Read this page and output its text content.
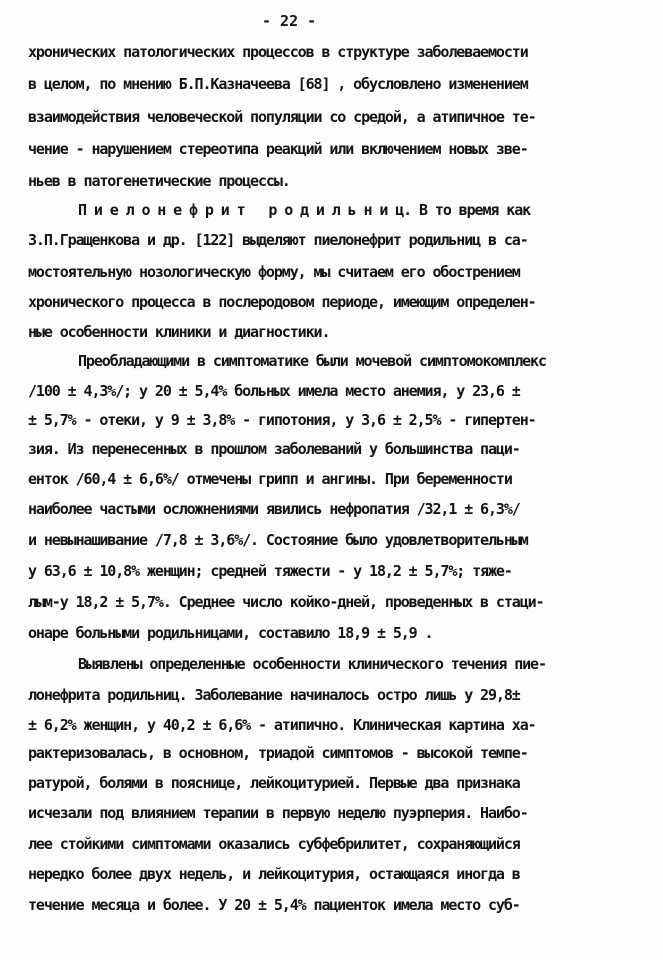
- 22 -
хронических патологических процессов в структуре заболеваемости
в целом, по мнению Б.П.Казначеева [68] , обусловлено изменением
взаимодействия человеческой популяции со средой, а атипичное те-
чение - нарушением стереотипа реакций или включением новых зве-
ньев в патогенетические процессы.
П и е л о н е ф р и т   р о д и л ь н и ц. В то время как
З.П.Гращенкова и др. [122] выделяют пиелонефрит родильниц в са-
мостоятельную нозологическую форму, мы считаем его обострением
хронического процесса в послеродовом периоде, имеющим определен-
ные особенности клиники и диагностики.
Преобладающими в симптоматике были мочевой симптомокомплекс
/100 ± 4,3%/; у 20 ± 5,4% больных имела место анемия, у 23,6 ±
± 5,7% - отеки, у 9 ± 3,8% - гипотония, у 3,6 ± 2,5% - гипертен-
зия. Из перенесенных в прошлом заболеваний у большинства паци-
енток /60,4 ± 6,6%/ отмечены грипп и ангины. При беременности
наиболее частыми осложнениями явились нефропатия /32,1 ± 6,3%/
и невынашивание /7,8 ± 3,6%/. Состояние было удовлетворительным
у 63,6 ± 10,8% женщин; средней тяжести - у 18,2 ± 5,7%; тяже-
лым-у 18,2 ± 5,7%. Среднее число койко-дней, проведенных в стаци-
онаре больными родильницами, составило 18,9 ± 5,9 .
Выявлены определенные особенности клинического течения пие-
лонефрита родильниц. Заболевание начиналось остро лишь у 29,8±
± 6,2% женщин, у 40,2 ± 6,6% - атипично. Клиническая картина ха-
рактеризовалась, в основном, триадой симптомов - высокой темпе-
ратурой, болями в пояснице, лейкоцитурией. Первые два признака
исчезали под влиянием терапии в первую неделю пуэрперия. Наибо-
лее стойкими симптомами оказались субфебрилитет, сохраняющийся
нередко более двух недель, и лейкоцитурия, остающаяся иногда в
течение месяца и более. У 20 ± 5,4% пациенток имела место суб-
